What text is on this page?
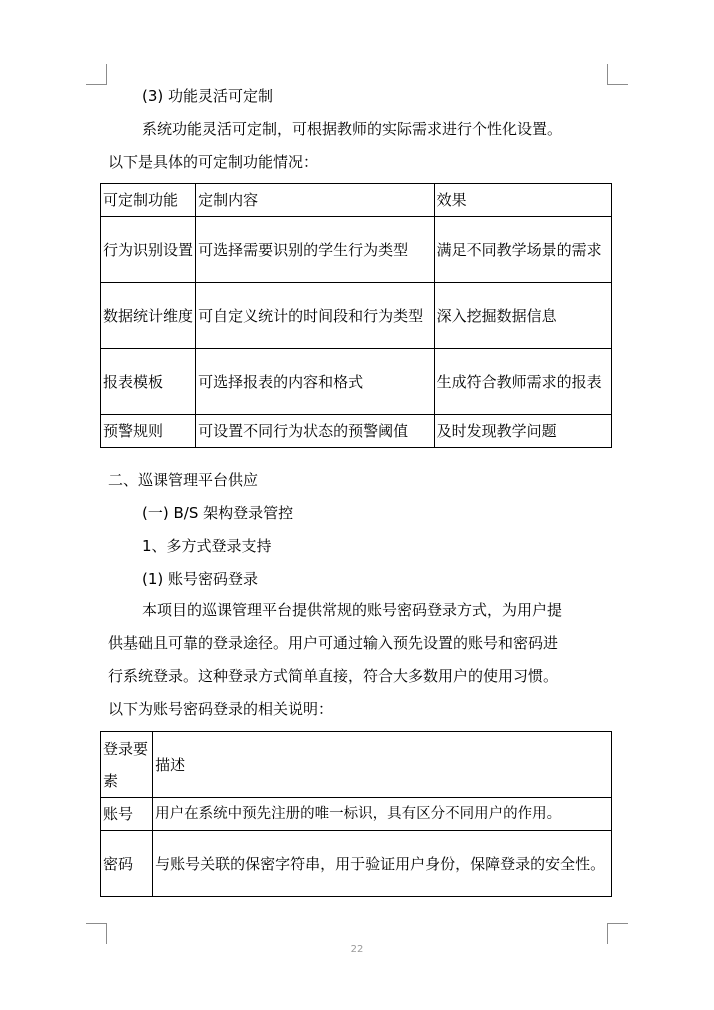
(3) 功能灵活可定制
系统功能灵活可定制，可根据教师的实际需求进行个性化设置。
以下是具体的可定制功能情况：
可定制功能	定制内容	效果
行为识别设置	可选择需要识别的学生行为类型	满足不同教学场景的需求
数据统计维度	可自定义统计的时间段和行为类型	深入挖掘数据信息
报表模板	可选择报表的内容和格式	生成符合教师需求的报表
预警规则	可设置不同行为状态的预警阈值	及时发现教学问题
二、巡课管理平台供应
(一) B/S 架构登录管控
1、多方式登录支持
(1) 账号密码登录
本项目的巡课管理平台提供常规的账号密码登录方式，为用户提
供基础且可靠的登录途径。用户可通过输入预先设置的账号和密码进
行系统登录。这种登录方式简单直接，符合大多数用户的使用习惯。
以下为账号密码登录的相关说明：
登录要素	描述
账号	用户在系统中预先注册的唯一标识，具有区分不同用户的作用。
密码	与账号关联的保密字符串，用于验证用户身份，保障登录的安全性。
22
